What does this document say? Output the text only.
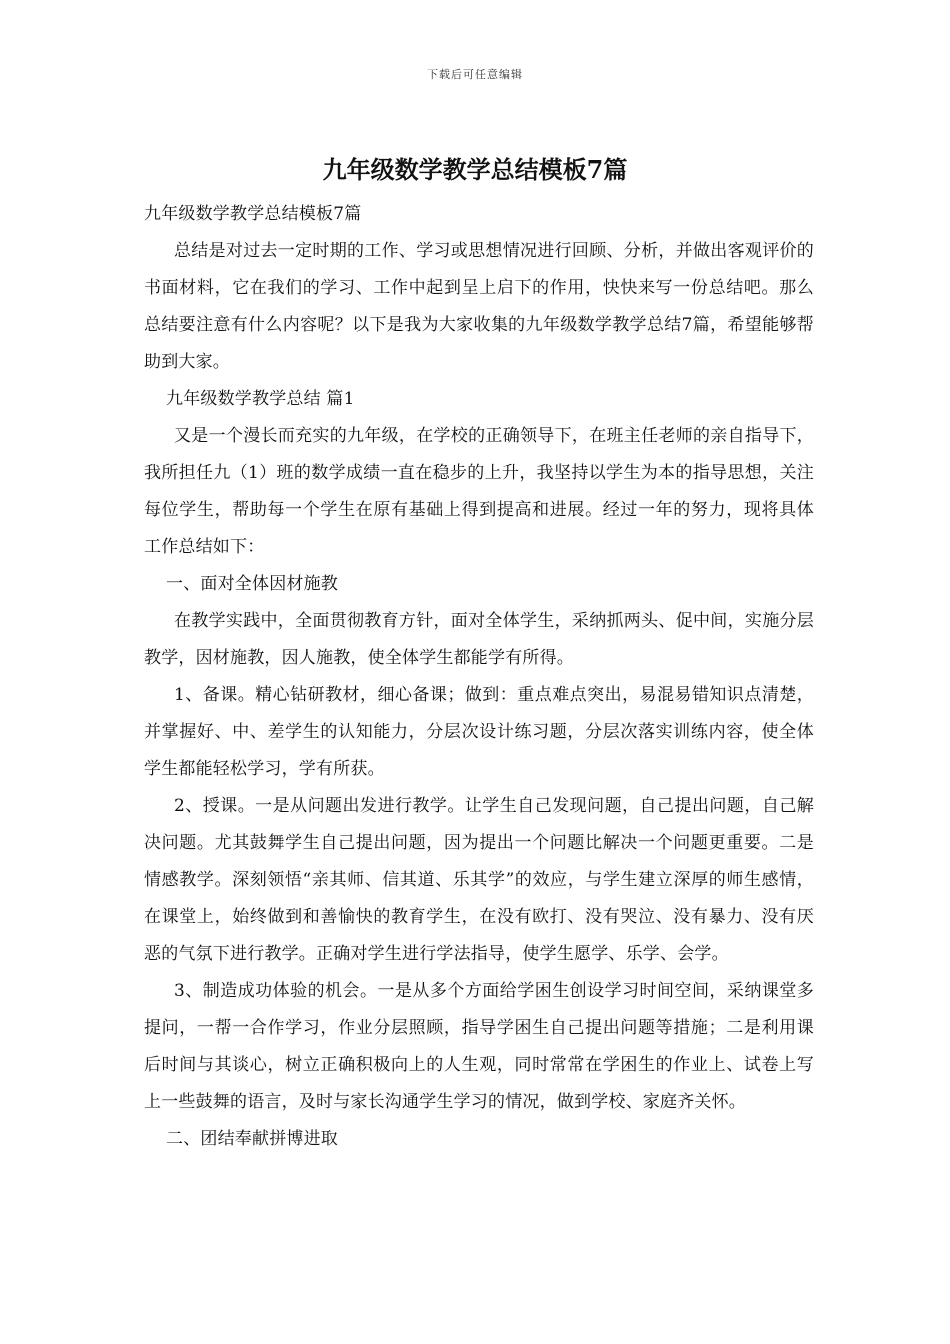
下载后可任意编辑
九年级数学教学总结模板7篇

九年级数学教学总结模板7篇

总结是对过去一定时期的工作、学习或思想情况进行回顾、分析，并做出客观评价的书面材料，它在我们的学习、工作中起到呈上启下的作用，快快来写一份总结吧。那么总结要注意有什么内容呢？以下是我为大家收集的九年级数学教学总结7篇，希望能够帮助到大家。

九年级数学教学总结 篇1

又是一个漫长而充实的九年级，在学校的正确领导下，在班主任老师的亲自指导下，我所担任九（1）班的数学成绩一直在稳步的上升，我坚持以学生为本的指导思想，关注每位学生，帮助每一个学生在原有基础上得到提高和进展。经过一年的努力，现将具体工作总结如下：

一、面对全体因材施教

在教学实践中，全面贯彻教育方针，面对全体学生，采纳抓两头、促中间，实施分层教学，因材施教，因人施教，使全体学生都能学有所得。

1、备课。精心钻研教材，细心备课；做到：重点难点突出，易混易错知识点清楚，并掌握好、中、差学生的认知能力，分层次设计练习题，分层次落实训练内容，使全体学生都能轻松学习，学有所获。

2、授课。一是从问题出发进行教学。让学生自己发现问题，自己提出问题，自己解决问题。尤其鼓舞学生自己提出问题，因为提出一个问题比解决一个问题更重要。二是情感教学。深刻领悟“亲其师、信其道、乐其学”的效应，与学生建立深厚的师生感情，在课堂上，始终做到和善愉快的教育学生，在没有欧打、没有哭泣、没有暴力、没有厌恶的气氛下进行教学。正确对学生进行学法指导，使学生愿学、乐学、会学。

3、制造成功体验的机会。一是从多个方面给学困生创设学习时间空间，采纳课堂多提问，一帮一合作学习，作业分层照顾，指导学困生自己提出问题等措施；二是利用课后时间与其谈心，树立正确积极向上的人生观，同时常常在学困生的作业上、试卷上写上一些鼓舞的语言，及时与家长沟通学生学习的情况，做到学校、家庭齐关怀。

二、团结奉献拼博进取
